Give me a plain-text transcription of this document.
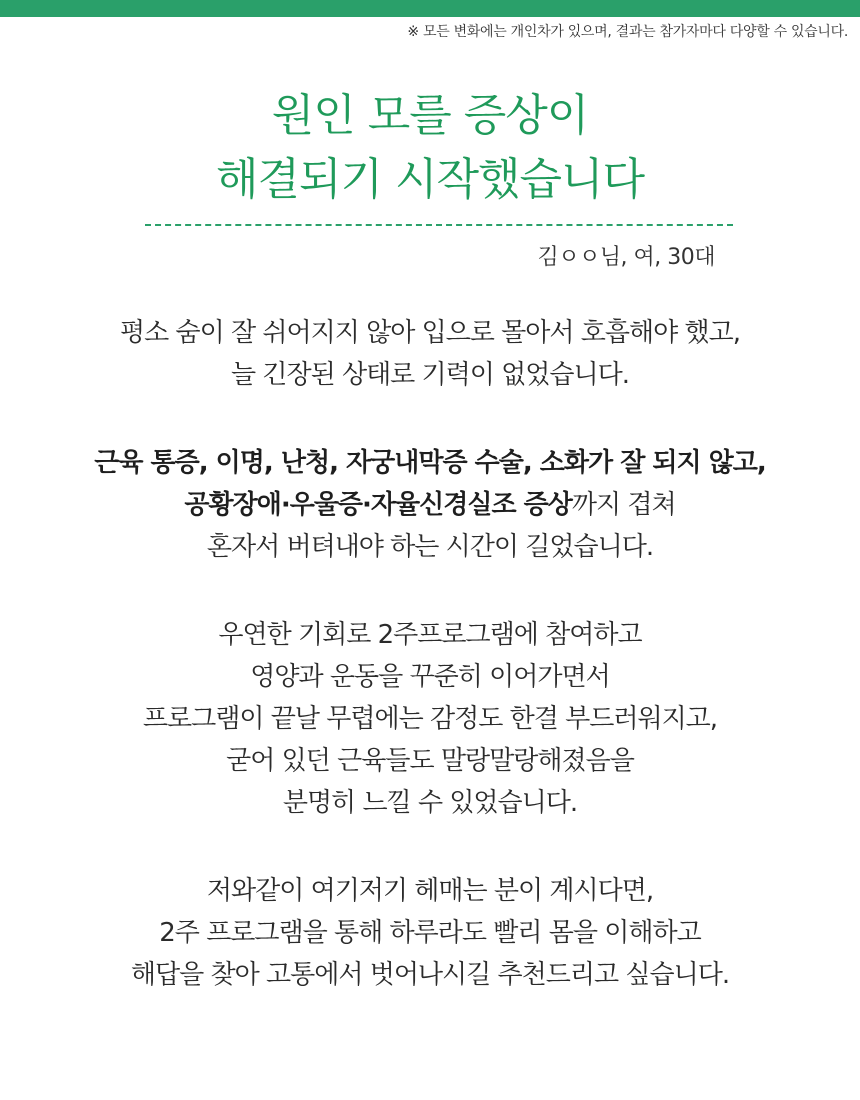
※ 모든 변화에는 개인차가 있으며, 결과는 참가자마다 다양할 수 있습니다.
원인 모를 증상이
해결되기 시작했습니다
김ㅇㅇ님, 여, 30대
평소 숨이 잘 쉬어지지 않아 입으로 몰아서 호흡해야 했고,
늘 긴장된 상태로 기력이 없었습니다.
근육 통증, 이명, 난청, 자궁내막증 수술, 소화가 잘 되지 않고,
공황장애·우울증·자율신경실조 증상까지 겹쳐
혼자서 버텨내야 하는 시간이 길었습니다.
우연한 기회로 2주프로그램에 참여하고
영양과 운동을 꾸준히 이어가면서
프로그램이 끝날 무렵에는 감정도 한결 부드러워지고,
굳어 있던 근육들도 말랑말랑해졌음을
분명히 느낄 수 있었습니다.
저와같이 여기저기 헤매는 분이 계시다면,
2주 프로그램을 통해 하루라도 빨리 몸을 이해하고
해답을 찾아 고통에서 벗어나시길 추천드리고 싶습니다.
